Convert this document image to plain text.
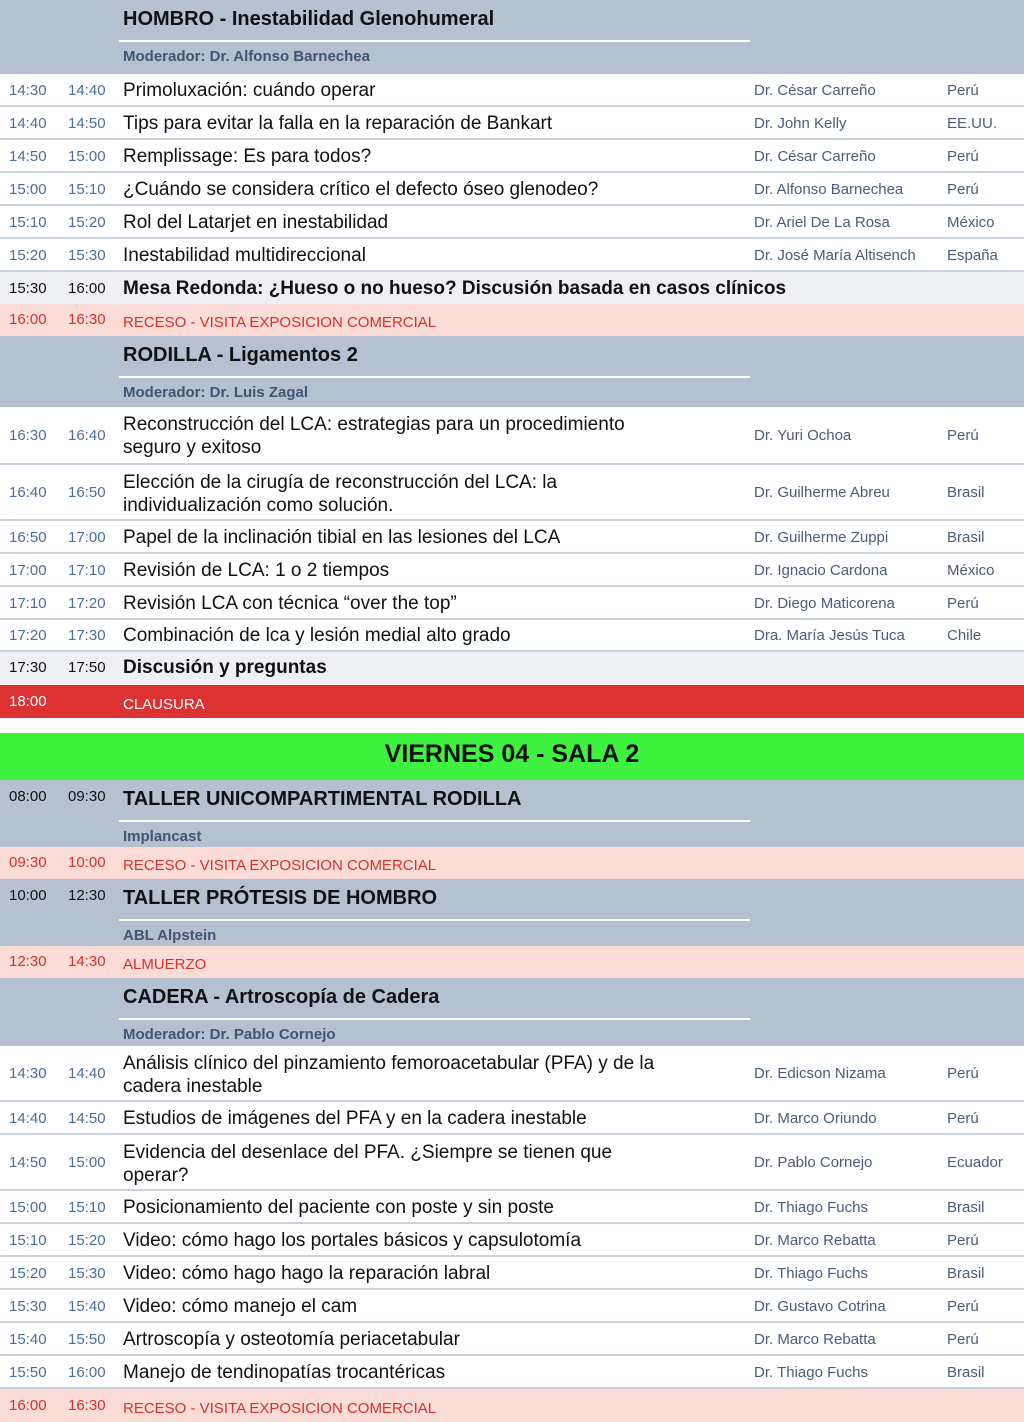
HOMBRO - Inestabilidad Glenohumeral
Moderador: Dr. Alfonso Barnechea
14:30 14:40 Primoluxación: cuándo operar	Dr. César Carreño	Perú
14:40 14:50 Tips para evitar la falla en la reparación de Bankart	Dr. John Kelly	EE.UU.
14:50 15:00 Remplissage: Es para todos?	Dr. César Carreño	Perú
15:00 15:10 ¿Cuándo se considera crítico el defecto óseo glenodeo?	Dr. Alfonso Barnechea	Perú
15:10 15:20 Rol del Latarjet en inestabilidad	Dr. Ariel De La Rosa	México
15:20 15:30 Inestabilidad multidireccional	Dr. José María Altisench España
15:30 16:00 Mesa Redonda: ¿Hueso o no hueso? Discusión basada en casos clínicos
16:00 16:30 RECESO - VISITA EXPOSICION COMERCIAL
RODILLA - Ligamentos 2
Moderador: Dr. Luis Zagal
16:30 16:40
Reconstrucción del LCA: estrategias para un procedimiento seguro y exitoso
Dr. Yuri Ochoa	Perú
16:40 16:50 Elección de la cirugía de reconstrucción del LCA: la individualización como solución.
Dr. Guilherme Abreu	Brasil
16:50 17:00 Papel de la inclinación tibial en las lesiones del LCA	Dr. Guilherme Zuppi	Brasil
17:00 17:10 Revisión de LCA: 1 o 2 tiempos	Dr. Ignacio Cardona	México
17:10 17:20 Revisión LCA con técnica “over the top”	Dr. Diego Maticorena	Perú
17:20 17:30 Combinación de lca y lesión medial alto grado	Dra. María Jesús Tuca	Chile
17:30 17:50 Discusión y preguntas
18:00	CLAUSURA
VIERNES 04 - SALA 2
08:00 09:30 TALLER UNICOMPARTIMENTAL RODILLA
Implancast
09:30 10:00 RECESO - VISITA EXPOSICION COMERCIAL
10:00 12:30 TALLER PRÓTESIS DE HOMBRO
ABL Alpstein
12:30 14:30 ALMUERZO
CADERA - Artroscopía de Cadera
Moderador: Dr. Pablo Cornejo
14:30 14:40 Análisis clínico del pinzamiento femoroacetabular (PFA) y de la cadera inestable
Dr. Edicson Nizama	Perú
14:40 14:50 Estudios de imágenes del PFA y en la cadera inestable	Dr. Marco Oriundo	Perú
14:50 15:00 Evidencia del desenlace del PFA. ¿Siempre se tienen que operar?
Dr. Pablo Cornejo	Ecuador
15:00 15:10 Posicionamiento del paciente con poste y sin poste	Dr. Thiago Fuchs	Brasil
15:10 15:20 Video: cómo hago los portales básicos y capsulotomía	Dr. Marco Rebatta	Perú
15:20 15:30 Video: cómo hago hago la reparación labral	Dr. Thiago Fuchs	Brasil
15:30 15:40 Video: cómo manejo el cam	Dr. Gustavo Cotrina	Perú
15:40 15:50 Artroscopía y osteotomía periacetabular	Dr. Marco Rebatta	Perú
15:50 16:00 Manejo de tendinopatías trocantéricas	Dr. Thiago Fuchs	Brasil
16:00 16:30 RECESO - VISITA EXPOSICION COMERCIAL
